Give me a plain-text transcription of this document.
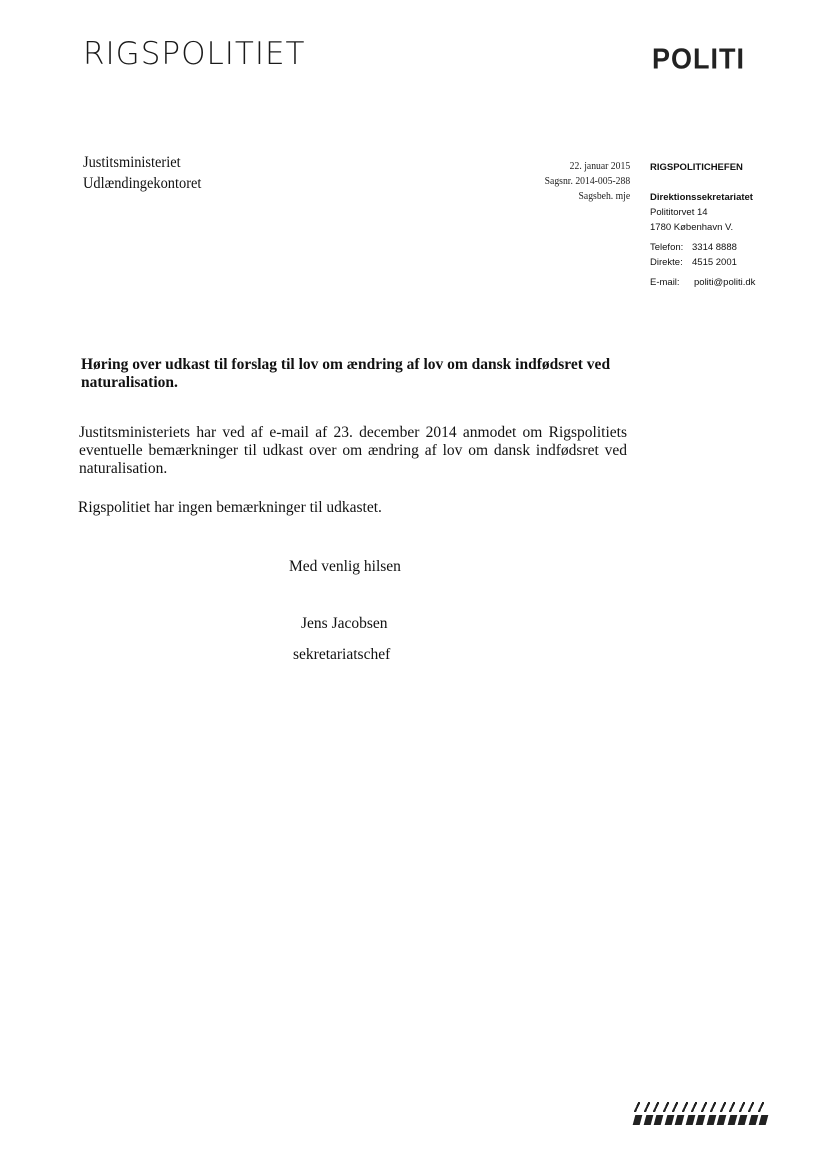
RIGSPOLITIET	POLITI
Justitsministeriet
Udlændingekontoret
22. januar 2015
Sagsnr. 2014-005-288
Sagsbeh. mje
RIGSPOLITICHEFEN
Direktionssekretariatet
Polititorvet 14
1780 København V.
Telefon: 3314 8888
Direkte: 4515 2001
E-mail:	politi@politi.dk
Høring over udkast til forslag til lov om ændring af lov om dansk indfødsret ved naturalisation.
Justitsministeriets har ved af e-mail af 23. december 2014 anmodet om Rigspolitiets eventuelle bemærkninger til udkast over om ændring af lov om dansk indfødsret ved naturalisation.
Rigspolitiet har ingen bemærkninger til udkastet.
Med venlig hilsen
Jens Jacobsen
sekretariatschef
